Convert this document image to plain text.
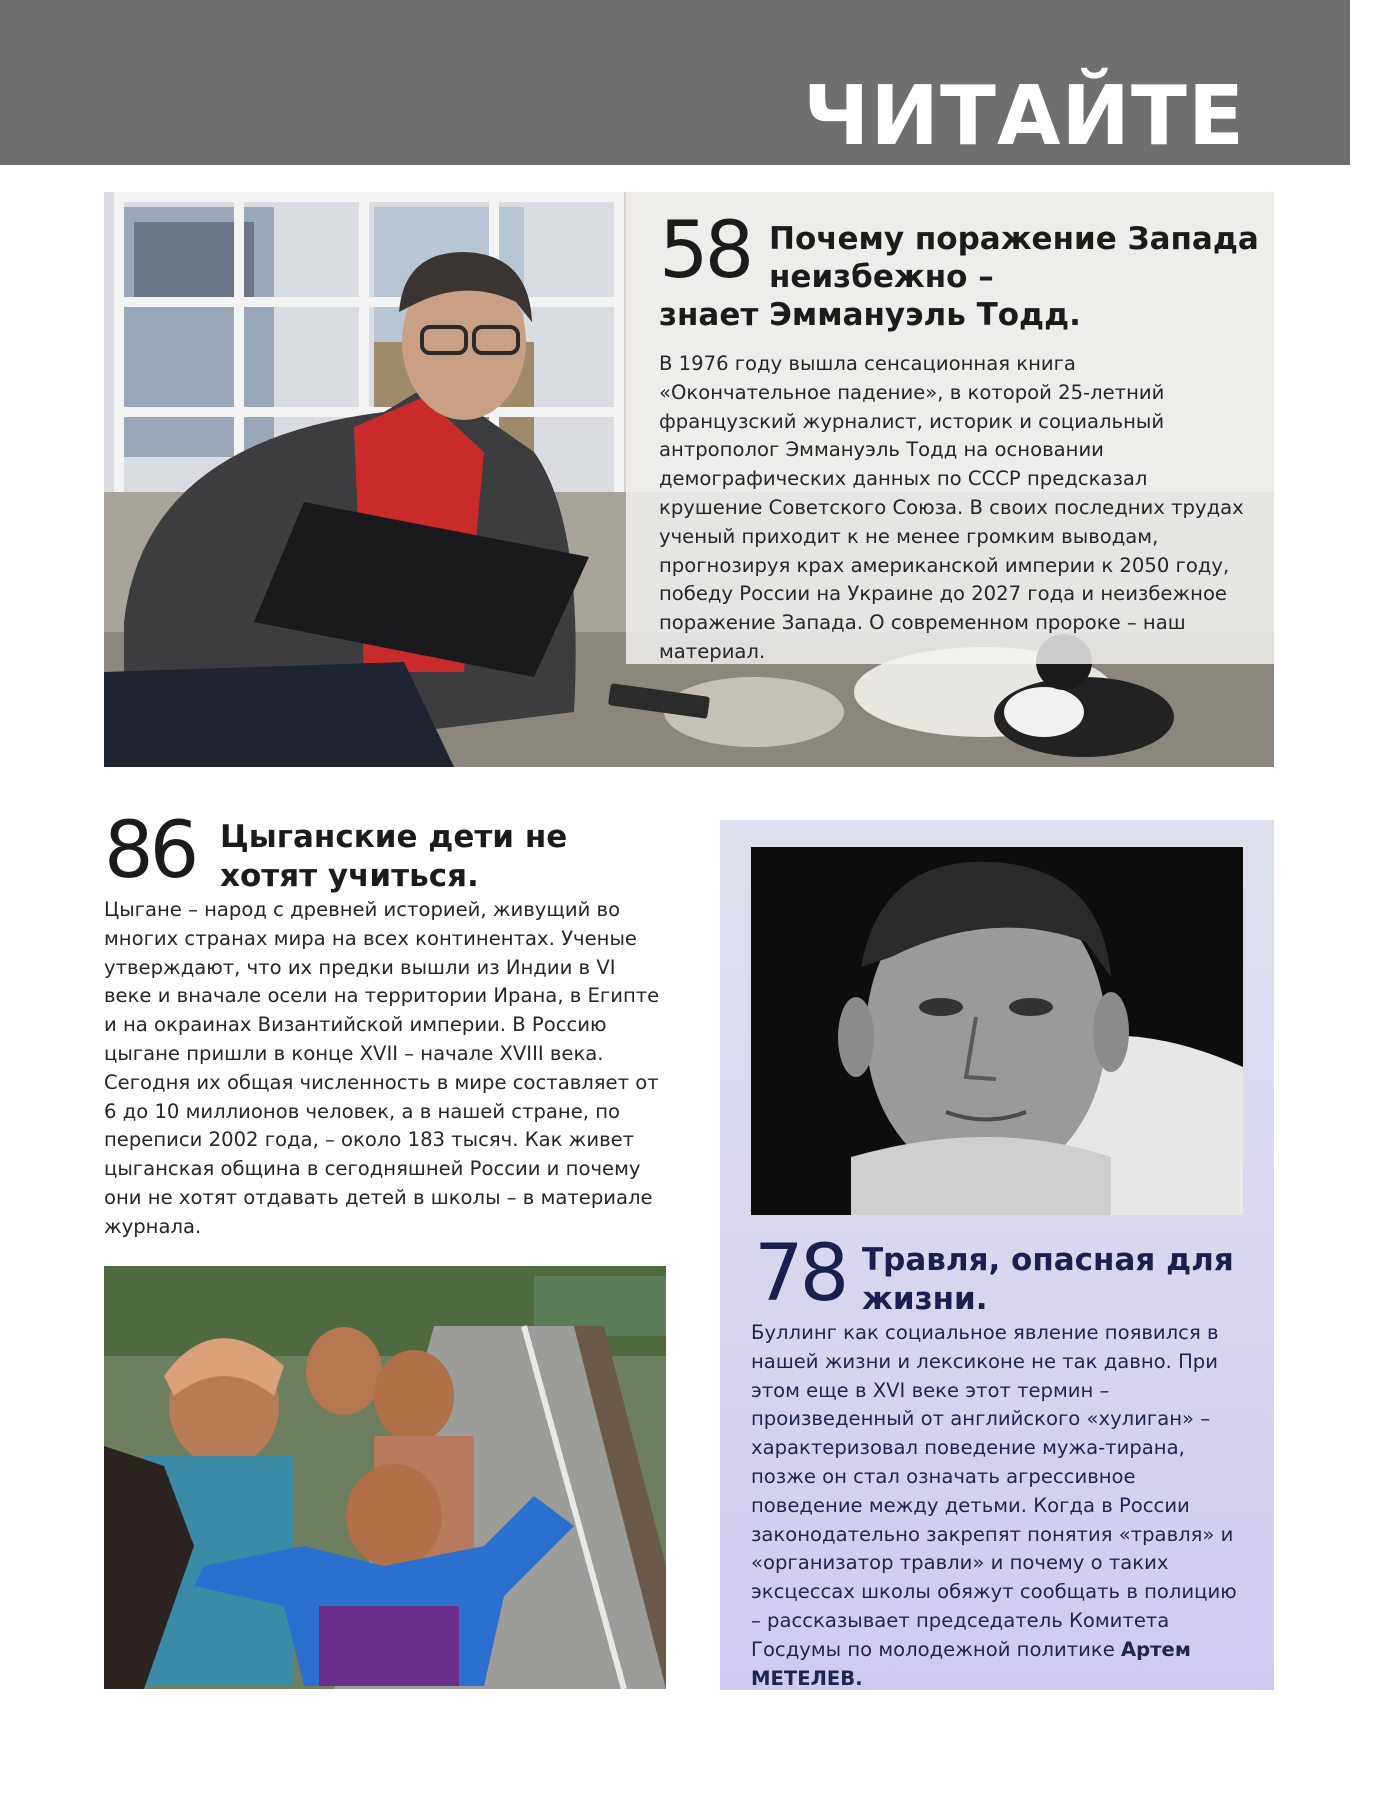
ЧИТАЙТЕ
58 Почему поражение Запада неизбежно –
знает Эммануэль Тодд.
В 1976 году вышла сенсационная книга «Окончательное падение», в которой 25-летний французский журналист, историк и социальный антрополог Эммануэль Тодд на основании демографических данных по СССР предсказал крушение Советского Союза. В своих последних трудах ученый приходит к не менее громким выводам, прогнозируя крах американской империи к 2050 году, победу России на Украине до 2027 года и неизбежное поражение Запада. О современном пророке – наш материал.
86 Цыганские дети не хотят учиться.
Цыгане – народ с древней историей, живущий во многих странах мира на всех континентах. Ученые утверждают, что их предки вышли из Индии в VI веке и вначале осели на территории Ирана, в Египте и на окраинах Византийской империи. В Россию цыгане пришли в конце XVII – начале XVIII века. Сегодня их общая численность в мире составляет от 6 до 10 миллионов человек, а в нашей стране, по переписи 2002 года, – около 183 тысяч. Как живет цыганская община в сегодняшней России и почему они не хотят отдавать детей в школы – в материале журнала.
78 Травля, опасная для жизни.
Буллинг как социальное явление появился в нашей жизни и лексиконе не так давно. При этом еще в XVI веке этот термин – произведенный от английского «хулиган» – характеризовал поведение мужа-тирана, позже он стал означать агрессивное поведение между детьми. Когда в России законодательно закрепят понятия «травля» и «организатор травли» и почему о таких эксцессах школы обяжут сообщать в полицию – рассказывает председатель Комитета Госдумы по молодежной политике Артем МЕТЕЛЕВ.
